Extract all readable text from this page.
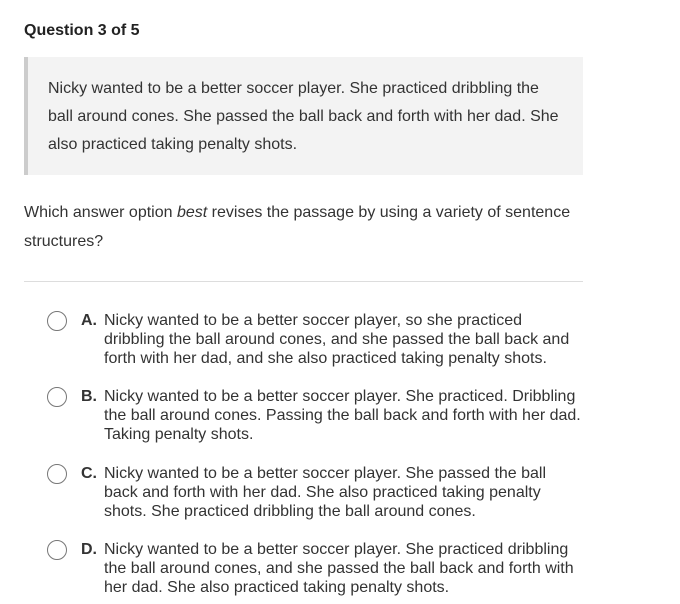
Question 3 of 5

Nicky wanted to be a better soccer player. She practiced dribbling the ball around cones. She passed the ball back and forth with her dad. She also practiced taking penalty shots.

Which answer option best revises the passage by using a variety of sentence structures?
A. Nicky wanted to be a better soccer player, so she practiced dribbling the ball around cones, and she passed the ball back and forth with her dad, and she also practiced taking penalty shots.
B. Nicky wanted to be a better soccer player. She practiced. Dribbling the ball around cones. Passing the ball back and forth with her dad. Taking penalty shots.
C. Nicky wanted to be a better soccer player. She passed the ball back and forth with her dad. She also practiced taking penalty shots. She practiced dribbling the ball around cones.
D. Nicky wanted to be a better soccer player. She practiced dribbling the ball around cones, and she passed the ball back and forth with her dad. She also practiced taking penalty shots.
